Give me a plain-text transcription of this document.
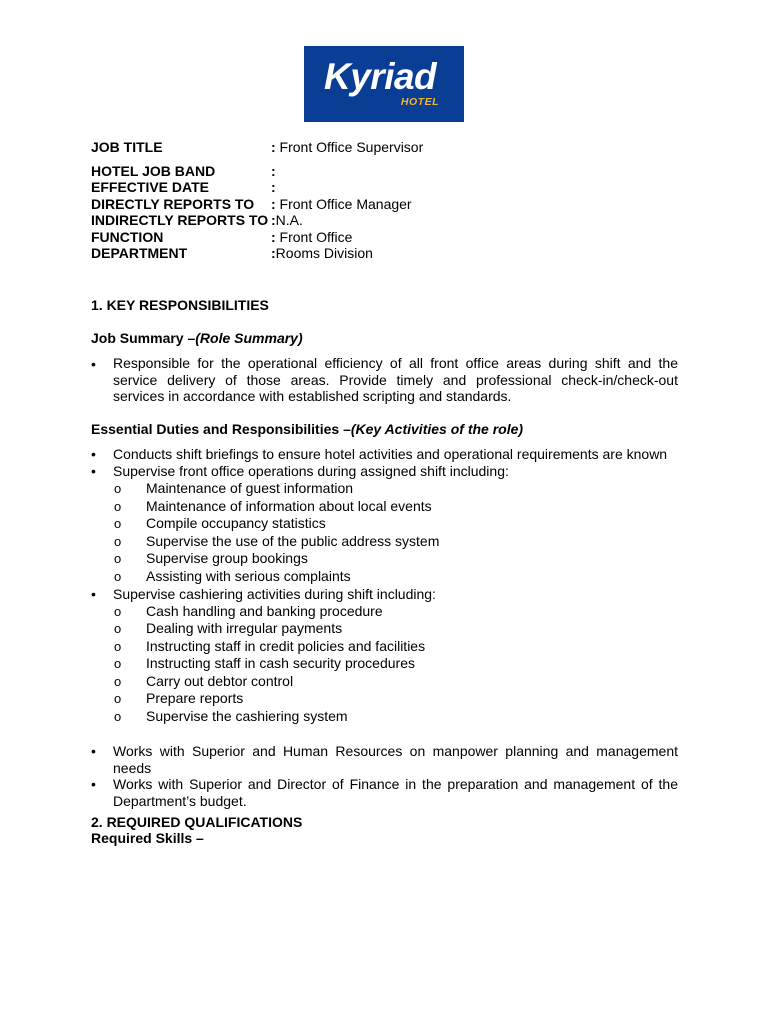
Kyriad
HOTEL
JOB TITLE	: Front Office Supervisor
HOTEL JOB BAND	:
EFFECTIVE DATE	:
DIRECTLY REPORTS TO : Front Office Manager
INDIRECTLY REPORTS TO :N.A.
FUNCTION	: Front Office
DEPARTMENT	:Rooms Division
1. KEY RESPONSIBILITIES
Job Summary –(Role Summary)
• Responsible for the operational efficiency of all front office areas during shift and the service delivery of those areas. Provide timely and professional check-in/check-out services in accordance with established scripting and standards.
Essential Duties and Responsibilities –(Key Activities of the role)
• Conducts shift briefings to ensure hotel activities and operational requirements are known
• Supervise front office operations during assigned shift including:
o Maintenance of guest information
o Maintenance of information about local events
o Compile occupancy statistics
o Supervise the use of the public address system
o Supervise group bookings
o Assisting with serious complaints
• Supervise cashiering activities during shift including:
o Cash handling and banking procedure
o Dealing with irregular payments
o Instructing staff in credit policies and facilities
o Instructing staff in cash security procedures
o Carry out debtor control
o Prepare reports
o Supervise the cashiering system
• Works with Superior and Human Resources on manpower planning and management needs
• Works with Superior and Director of Finance in the preparation and management of the Department’s budget.
2. REQUIRED QUALIFICATIONS
Required Skills –
